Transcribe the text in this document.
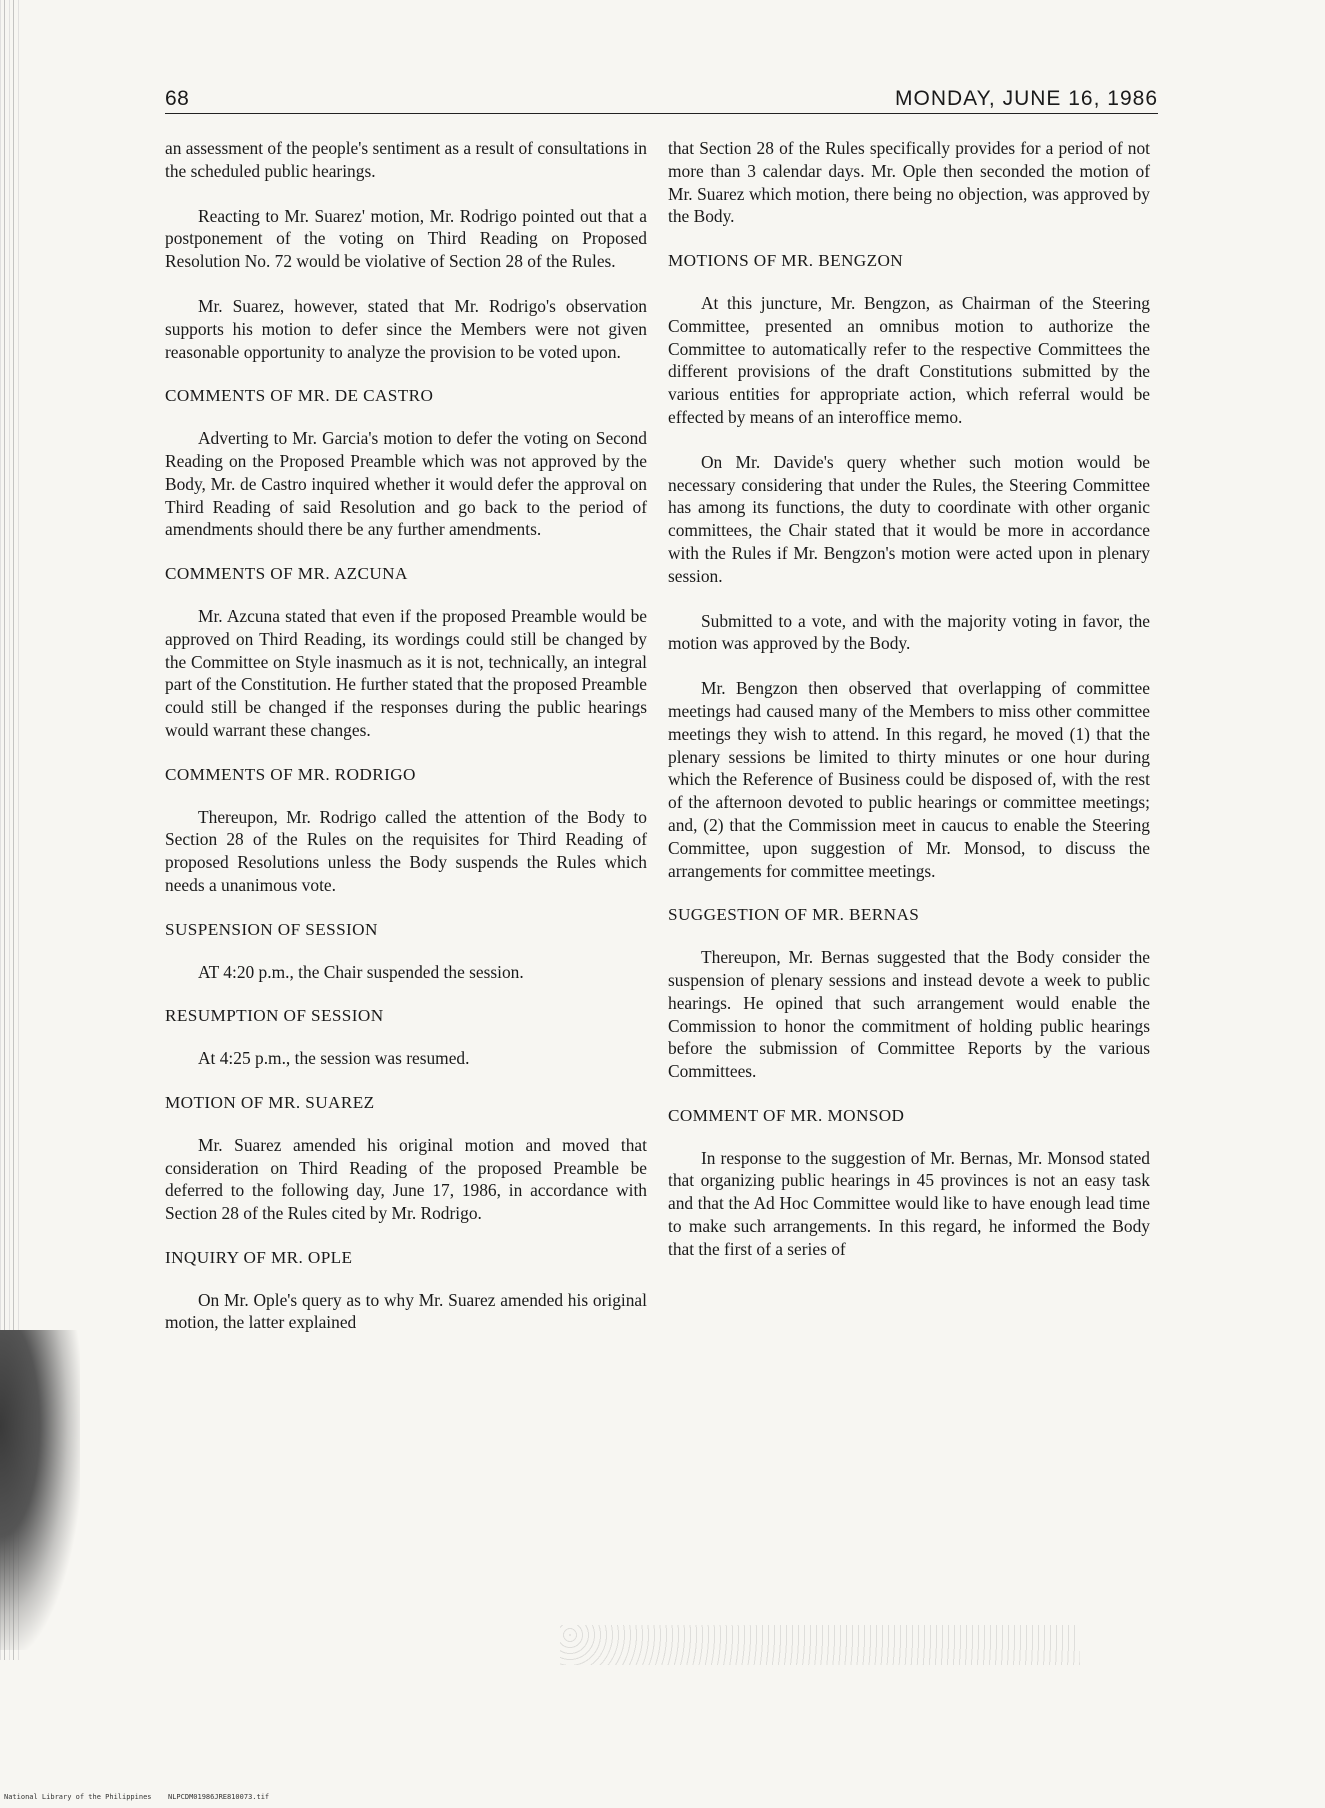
68	MONDAY, JUNE 16, 1986

an assessment of the people's sentiment as a result of consultations in the scheduled public hearings.

Reacting to Mr. Suarez' motion, Mr. Rodrigo pointed out that a postponement of the voting on Third Reading on Proposed Resolution No. 72 would be violative of Section 28 of the Rules.

Mr. Suarez, however, stated that Mr. Rodrigo's observation supports his motion to defer since the Members were not given reasonable opportunity to analyze the provision to be voted upon.

COMMENTS OF MR. DE CASTRO

Adverting to Mr. Garcia's motion to defer the voting on Second Reading on the Proposed Preamble which was not approved by the Body, Mr. de Castro inquired whether it would defer the approval on Third Reading of said Resolution and go back to the period of amendments should there be any further amendments.

COMMENTS OF MR. AZCUNA

Mr. Azcuna stated that even if the proposed Preamble would be approved on Third Reading, its wordings could still be changed by the Committee on Style inasmuch as it is not, technically, an integral part of the Constitution. He further stated that the proposed Preamble could still be changed if the responses during the public hearings would warrant these changes.

COMMENTS OF MR. RODRIGO

Thereupon, Mr. Rodrigo called the attention of the Body to Section 28 of the Rules on the requisites for Third Reading of proposed Resolutions unless the Body suspends the Rules which needs a unanimous vote.

SUSPENSION OF SESSION

AT 4:20 p.m., the Chair suspended the session.

RESUMPTION OF SESSION

At 4:25 p.m., the session was resumed.

MOTION OF MR. SUAREZ

Mr. Suarez amended his original motion and moved that consideration on Third Reading of the proposed Preamble be deferred to the following day, June 17, 1986, in accordance with Section 28 of the Rules cited by Mr. Rodrigo.

INQUIRY OF MR. OPLE

On Mr. Ople's query as to why Mr. Suarez amended his original motion, the latter explained

that Section 28 of the Rules specifically provides for a period of not more than 3 calendar days. Mr. Ople then seconded the motion of Mr. Suarez which motion, there being no objection, was approved by the Body.

MOTIONS OF MR. BENGZON

At this juncture, Mr. Bengzon, as Chairman of the Steering Committee, presented an omnibus motion to authorize the Committee to automatically refer to the respective Committees the different provisions of the draft Constitutions submitted by the various entities for appropriate action, which referral would be effected by means of an interoffice memo.

On Mr. Davide's query whether such motion would be necessary considering that under the Rules, the Steering Committee has among its functions, the duty to coordinate with other organic committees, the Chair stated that it would be more in accordance with the Rules if Mr. Bengzon's motion were acted upon in plenary session.

Submitted to a vote, and with the majority voting in favor, the motion was approved by the Body.

Mr. Bengzon then observed that overlapping of committee meetings had caused many of the Members to miss other committee meetings they wish to attend. In this regard, he moved (1) that the plenary sessions be limited to thirty minutes or one hour during which the Reference of Business could be disposed of, with the rest of the afternoon devoted to public hearings or committee meetings; and, (2) that the Commission meet in caucus to enable the Steering Committee, upon suggestion of Mr. Monsod, to discuss the arrangements for committee meetings.

SUGGESTION OF MR. BERNAS

Thereupon, Mr. Bernas suggested that the Body consider the suspension of plenary sessions and instead devote a week to public hearings. He opined that such arrangement would enable the Commission to honor the commitment of holding public hearings before the submission of Committee Reports by the various Committees.

COMMENT OF MR. MONSOD

In response to the suggestion of Mr. Bernas, Mr. Monsod stated that organizing public hearings in 45 provinces is not an easy task and that the Ad Hoc Committee would like to have enough lead time to make such arrangements. In this regard, he informed the Body that the first of a series of

National Library of the Philippines NLPCDM01986JRE810073.tif
